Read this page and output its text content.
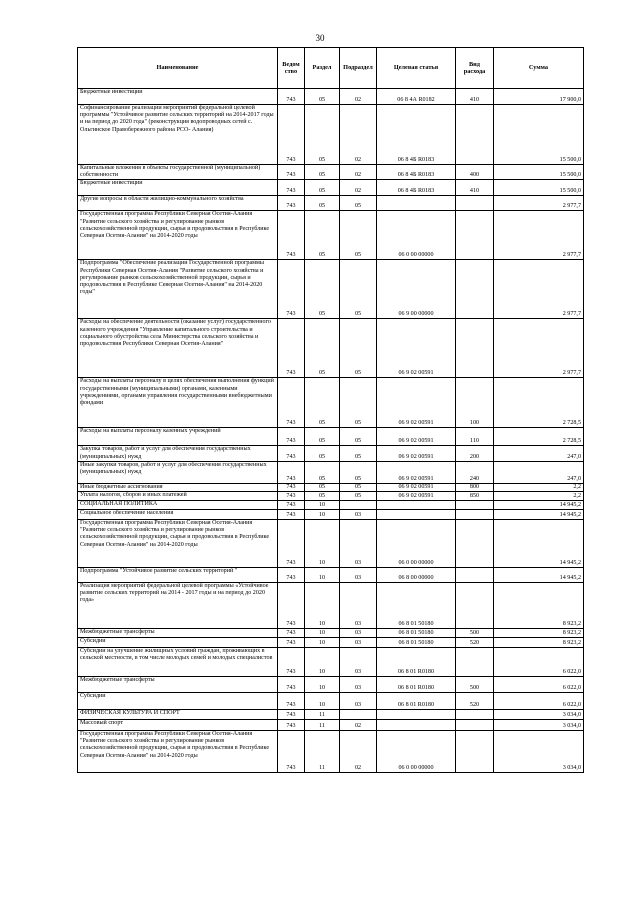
30
Наименование	Ведом ство	Раздел	Подраздел	Целевая статья	Вид расхода	Сумма
Бюджетные инвестиции	743	05	02	06 8 4А R0182	410	17 900,0
Софинансирование реализации мероприятий федеральной целевой программы "Устойчивое развитие сельских территорий на 2014-2017 годы и на период до 2020 года" (реконструкция водопроводных сетей с. Ольгинское Правобережного района РСО- Алания)	743	05	02	06 8 4Б R0183		15 500,0
Капитальные вложения в объекты государственной (муниципальной) собственности	743	05	02	06 8 4Б R0183	400	15 500,0
Бюджетные инвестиции	743	05	02	06 8 4Б R0183	410	15 500,0
Другие вопросы в области жилищно-коммунального хозяйства	743	05	05			2 977,7
Государственная программа Республики Северная Осетия-Алания "Развитие сельского хозяйства и регулирование рынков сельскохозяйственной продукции, сырья и продовольствия в Республике Северная Осетия-Алания" на 2014-2020 годы	743	05	05	06 0 00 00000		2 977,7
Подпрограмма "Обеспечение реализации Государственной программы Республики Северная Осетия-Алания "Развитие сельского хозяйства и регулирование рынков сельскохозяйственной продукции, сырья и продовольствия в Республике Северная Осетия-Алания" на 2014-2020 годы"	743	05	05	06 9 00 00000		2 977,7
Расходы на обеспечение деятельности (оказание услуг) государственного казенного учреждения "Управление капитального строительства и социального обустройства села Министерства сельского хозяйства и продовольствия Республики Северная Осетия-Алания"	743	05	05	06 9 02 00591		2 977,7
Расходы на выплаты персоналу в целях обеспечения выполнения функций государственными (муниципальными) органами, казенными учреждениями, органами управления государственными внебюджетными фондами	743	05	05	06 9 02 00591	100	2 728,5
Расходы на выплаты персоналу казенных учреждений	743	05	05	06 9 02 00591	110	2 728,5
Закупка товаров, работ и услуг для обеспечения государственных (муниципальных) нужд	743	05	05	06 9 02 00591	200	247,0
Иные закупки товаров, работ и услуг для обеспечения государственных (муниципальных) нужд	743	05	05	06 9 02 00591	240	247,0
Иные бюджетные ассигнования	743	05	05	06 9 02 00591	800	2,2
Уплата налогов, сборов и иных платежей	743	05	05	06 9 02 00591	850	2,2
СОЦИАЛЬНАЯ ПОЛИТИКА	743	10				14 945,2
Социальное обеспечение населения	743	10	03			14 945,2
Государственная программа Республики Северная Осетия-Алания "Развитие сельского хозяйства и регулирование рынков сельскохозяйственной продукции, сырья и продовольствия в Республике Северная Осетия-Алания" на 2014-2020 годы	743	10	03	06 0 00 00000		14 945,2
Подпрограмма "Устойчивое развитие сельских территорий "	743	10	03	06 8 00 00000		14 945,2
Реализация мероприятий федеральной целевой программы «Устойчивое развитие сельских территорий на 2014 - 2017 годы и на период до 2020 года»	743	10	03	06 8 01 50180		8 923,2
Межбюджетные трансферты	743	10	03	06 8 01 50180	500	8 923,2
Субсидии	743	10	03	06 8 01 50180	520	8 923,2
Субсидии на улучшение жилищных условий граждан, проживающих в сельской местности, в том числе молодых семей и молодых специалистов	743	10	03	06 8 01 R0180		6 022,0
Межбюджетные трансферты	743	10	03	06 8 01 R0180	500	6 022,0
Субсидии	743	10	03	06 8 01 R0180	520	6 022,0
ФИЗИЧЕСКАЯ КУЛЬТУРА И СПОРТ	743	11				3 034,0
Массовый спорт	743	11	02			3 034,0
Государственная программа Республики Северная Осетия-Алания "Развитие сельского хозяйства и регулирование рынков сельскохозяйственной продукции, сырья и продовольствия в Республике Северная Осетия-Алания" на 2014-2020 годы	743	11	02	06 0 00 00000		3 034,0
